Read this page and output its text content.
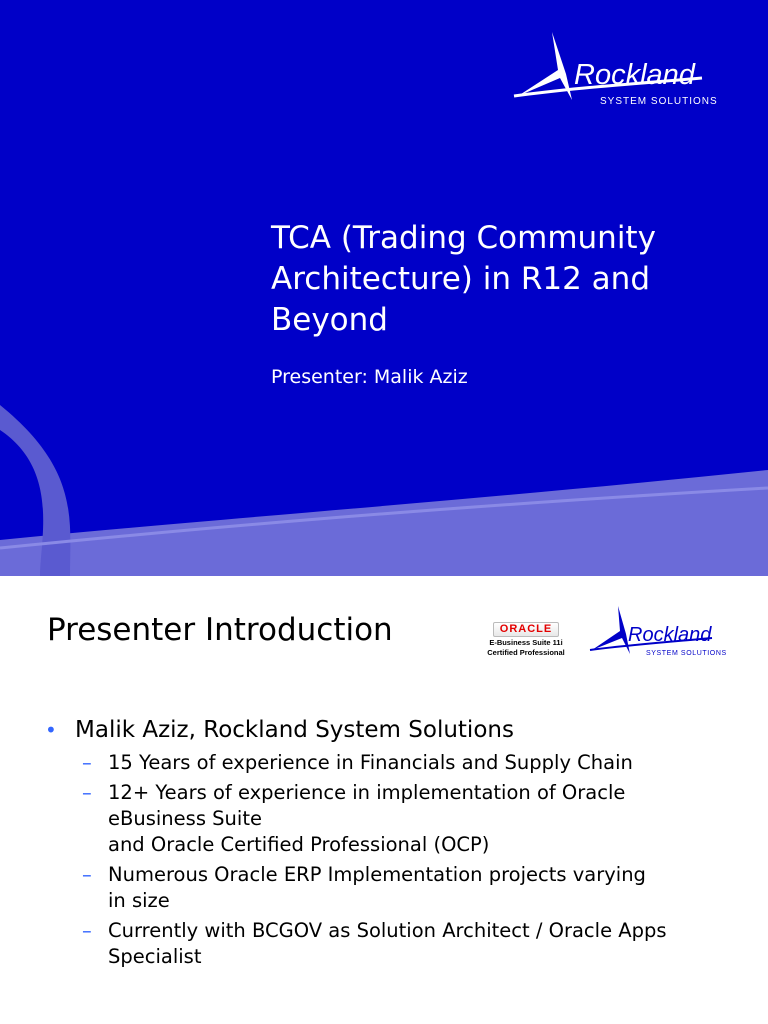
Rockland
SYSTEM SOLUTIONS
TCA (Trading Community
Architecture) in R12 and
Beyond
Presenter: Malik Aziz
Presenter Introduction	ORACLE
E-Business Suite 11i
Certified Professional
Rockland
SYSTEM SOLUTIONS
• Malik Aziz, Rockland System Solutions
– 15 Years of experience in Financials and Supply Chain
– 12+ Years of experience in implementation of Oracle
eBusiness Suite
and Oracle Certified Professional (OCP)
– Numerous Oracle ERP Implementation projects varying
in size
– Currently with BCGOV as Solution Architect / Oracle Apps
Specialist
